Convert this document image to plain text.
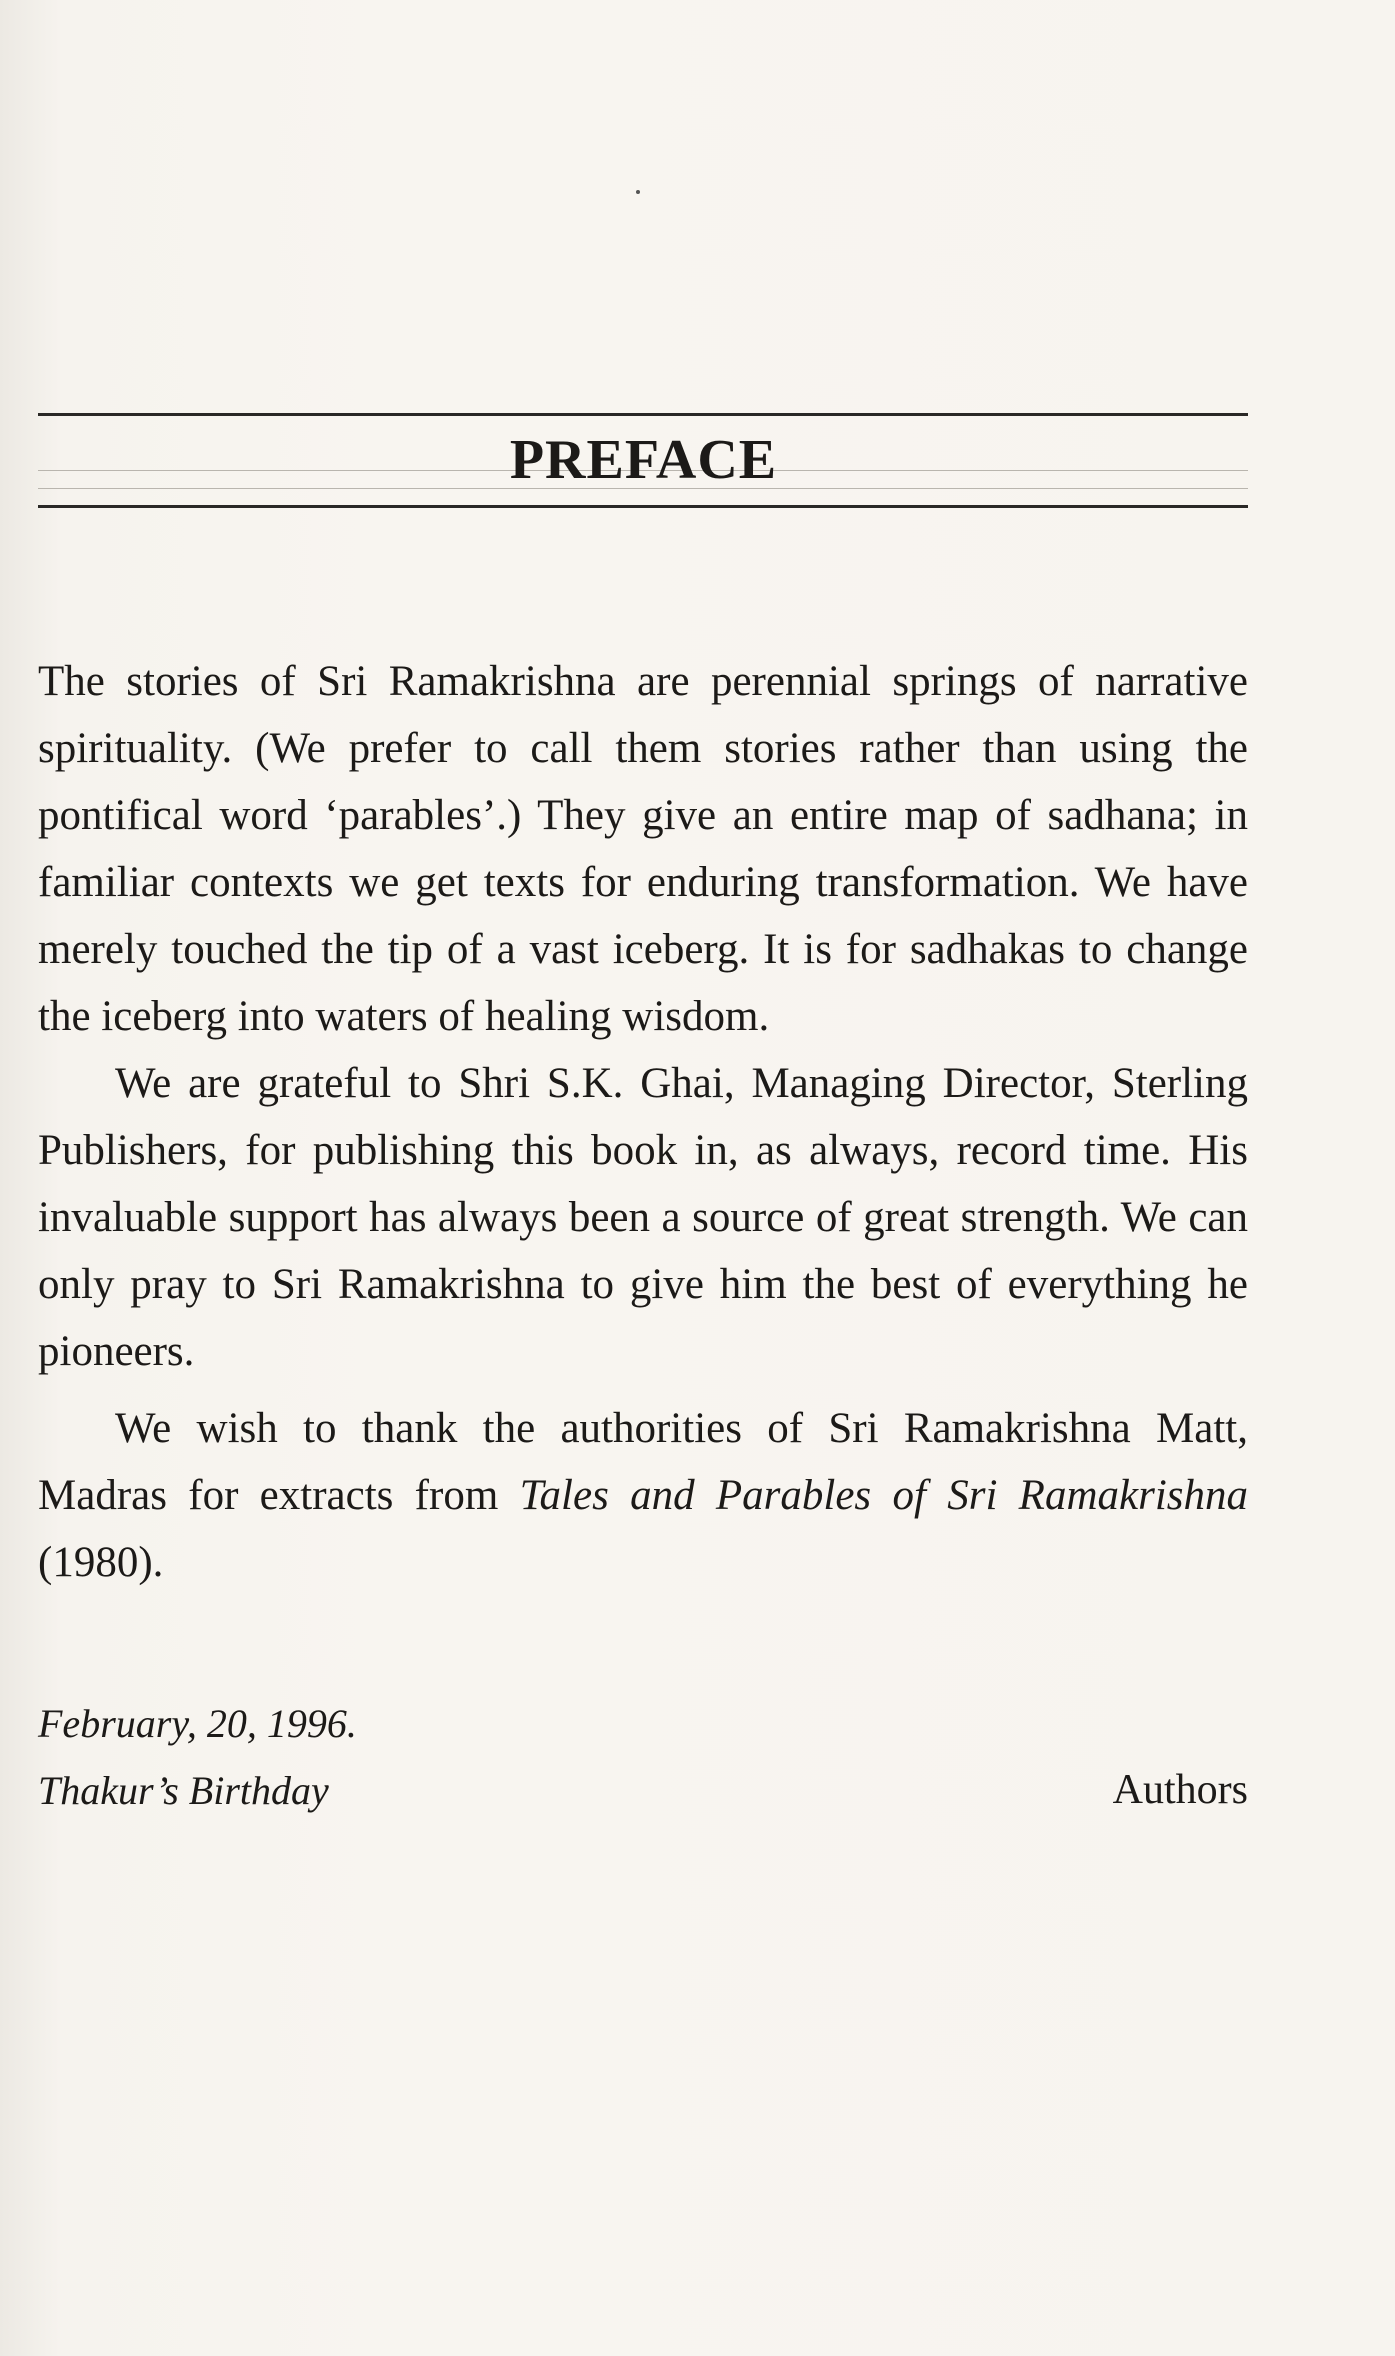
PREFACE

The stories of Sri Ramakrishna are perennial springs of narrative spirituality. (We prefer to call them stories rather than using the pontifical word ‘parables’.) They give an entire map of sadhana; in familiar contexts we get texts for enduring transformation. We have merely touched the tip of a vast iceberg. It is for sadhakas to change the iceberg into waters of healing wisdom.

We are grateful to Shri S.K. Ghai, Managing Director, Sterling Publishers, for publishing this book in, as always, record time. His invaluable support has always been a source of great strength. We can only pray to Sri Ramakrishna to give him the best of everything he pioneers.

We wish to thank the authorities of Sri Ramakrishna Matt, Madras for extracts from Tales and Parables of Sri Ramakrishna (1980).

February, 20, 1996.
Thakur’s Birthday	Authors
